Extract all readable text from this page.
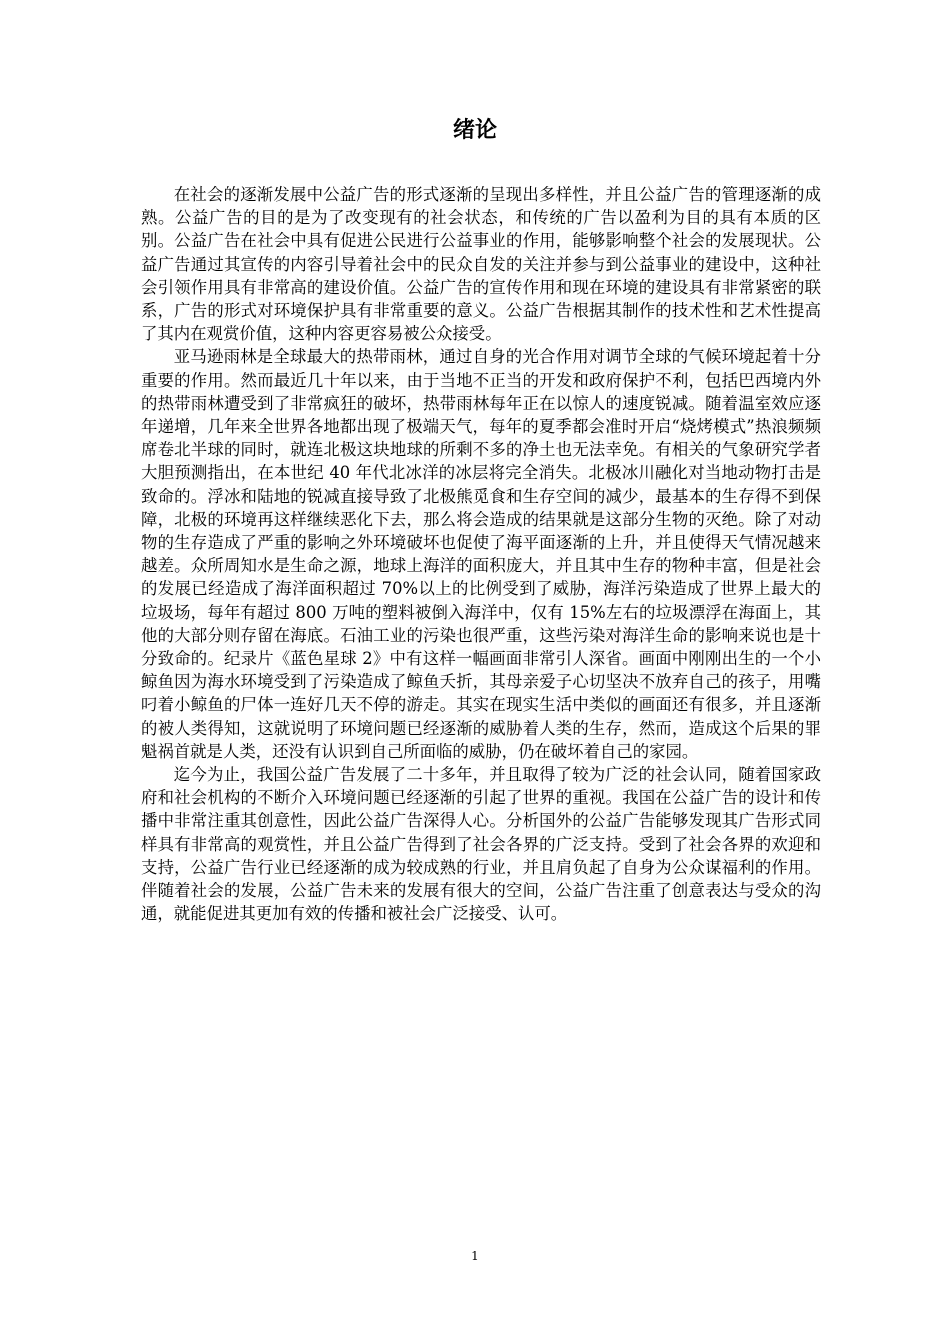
绪论

在社会的逐渐发展中公益广告的形式逐渐的呈现出多样性，并且公益广告的管理逐渐的成熟。公益广告的目的是为了改变现有的社会状态，和传统的广告以盈利为目的具有本质的区别。公益广告在社会中具有促进公民进行公益事业的作用，能够影响整个社会的发展现状。公益广告通过其宣传的内容引导着社会中的民众自发的关注并参与到公益事业的建设中，这种社会引领作用具有非常高的建设价值。公益广告的宣传作用和现在环境的建设具有非常紧密的联系，广告的形式对环境保护具有非常重要的意义。公益广告根据其制作的技术性和艺术性提高了其内在观赏价值，这种内容更容易被公众接受。

亚马逊雨林是全球最大的热带雨林，通过自身的光合作用对调节全球的气候环境起着十分重要的作用。然而最近几十年以来，由于当地不正当的开发和政府保护不利，包括巴西境内外的热带雨林遭受到了非常疯狂的破坏，热带雨林每年正在以惊人的速度锐减。随着温室效应逐年递增，几年来全世界各地都出现了极端天气，每年的夏季都会准时开启“烧烤模式”热浪频频席卷北半球的同时，就连北极这块地球的所剩不多的净土也无法幸免。有相关的气象研究学者大胆预测指出，在本世纪 40 年代北冰洋的冰层将完全消失。北极冰川融化对当地动物打击是致命的。浮冰和陆地的锐减直接导致了北极熊觅食和生存空间的减少，最基本的生存得不到保障，北极的环境再这样继续恶化下去，那么将会造成的结果就是这部分生物的灭绝。除了对动物的生存造成了严重的影响之外环境破坏也促使了海平面逐渐的上升，并且使得天气情况越来越差。众所周知水是生命之源，地球上海洋的面积庞大，并且其中生存的物种丰富，但是社会的发展已经造成了海洋面积超过 70%以上的比例受到了威胁，海洋污染造成了世界上最大的垃圾场，每年有超过 800 万吨的塑料被倒入海洋中，仅有 15%左右的垃圾漂浮在海面上，其他的大部分则存留在海底。石油工业的污染也很严重，这些污染对海洋生命的影响来说也是十分致命的。纪录片《蓝色星球 2》中有这样一幅画面非常引人深省。画面中刚刚出生的一个小鲸鱼因为海水环境受到了污染造成了鲸鱼夭折，其母亲爱子心切坚决不放弃自己的孩子，用嘴叼着小鲸鱼的尸体一连好几天不停的游走。其实在现实生活中类似的画面还有很多，并且逐渐的被人类得知，这就说明了环境问题已经逐渐的威胁着人类的生存，然而，造成这个后果的罪魁祸首就是人类，还没有认识到自己所面临的威胁，仍在破坏着自己的家园。

迄今为止，我国公益广告发展了二十多年，并且取得了较为广泛的社会认同，随着国家政府和社会机构的不断介入环境问题已经逐渐的引起了世界的重视。我国在公益广告的设计和传播中非常注重其创意性，因此公益广告深得人心。分析国外的公益广告能够发现其广告形式同样具有非常高的观赏性，并且公益广告得到了社会各界的广泛支持。受到了社会各界的欢迎和支持，公益广告行业已经逐渐的成为较成熟的行业，并且肩负起了自身为公众谋福利的作用。伴随着社会的发展，公益广告未来的发展有很大的空间，公益广告注重了创意表达与受众的沟通，就能促进其更加有效的传播和被社会广泛接受、认可。

1
